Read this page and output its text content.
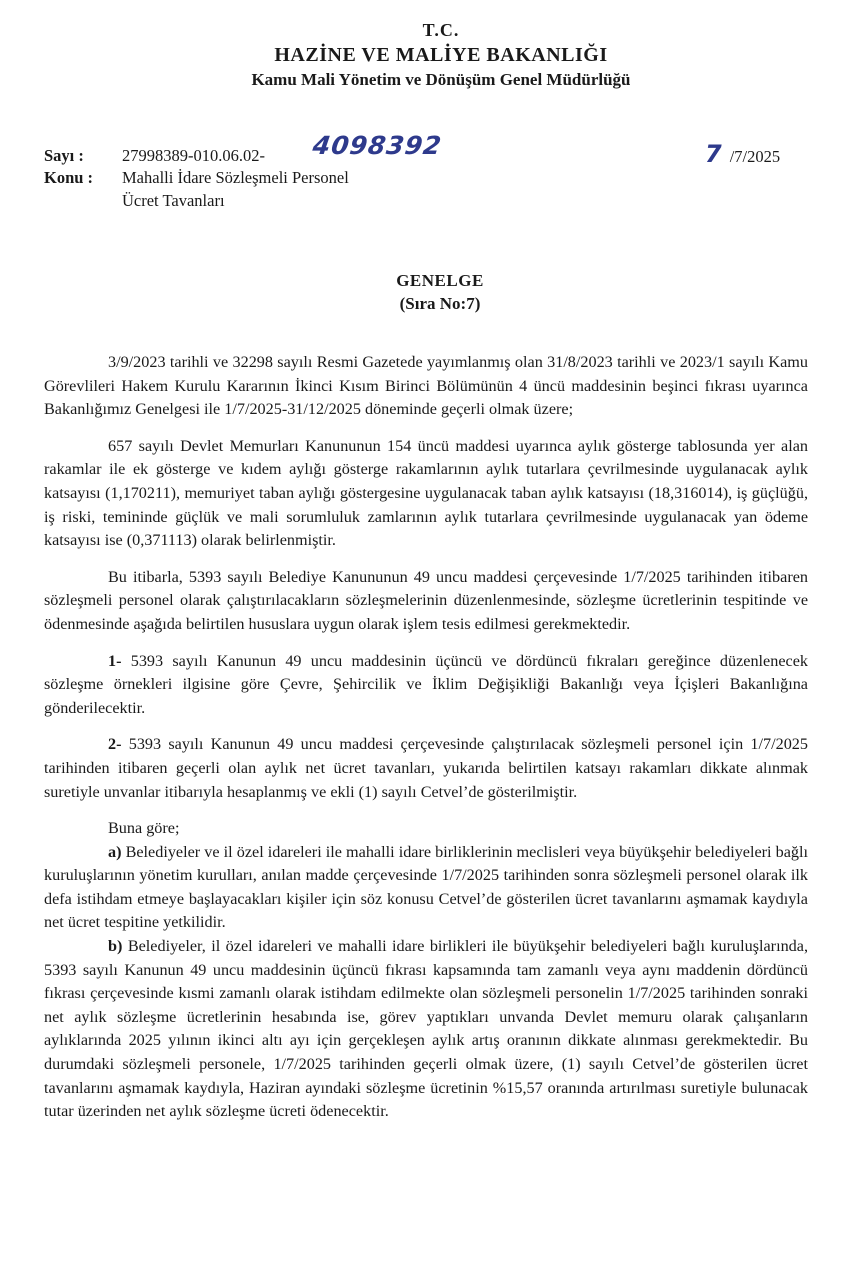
T.C.
HAZİNE VE MALİYE BAKANLIĞI
Kamu Mali Yönetim ve Dönüşüm Genel Müdürlüğü
Sayı : 27998389-010.06.02- 4098392	7 /7/2025
Konu : Mahalli İdare Sözleşmeli Personel
Ücret Tavanları
GENELGE
(Sıra No:7)

3/9/2023 tarihli ve 32298 sayılı Resmi Gazetede yayımlanmış olan 31/8/2023 tarihli ve 2023/1 sayılı Kamu Görevlileri Hakem Kurulu Kararının İkinci Kısım Birinci Bölümünün 4 üncü maddesinin beşinci fıkrası uyarınca Bakanlığımız Genelgesi ile 1/7/2025-31/12/2025 döneminde geçerli olmak üzere;

657 sayılı Devlet Memurları Kanununun 154 üncü maddesi uyarınca aylık gösterge tablosunda yer alan rakamlar ile ek gösterge ve kıdem aylığı gösterge rakamlarının aylık tutarlara çevrilmesinde uygulanacak aylık katsayısı (1,170211), memuriyet taban aylığı göstergesine uygulanacak taban aylık katsayısı (18,316014), iş güçlüğü, iş riski, temininde güçlük ve mali sorumluluk zamlarının aylık tutarlara çevrilmesinde uygulanacak yan ödeme katsayısı ise (0,371113) olarak belirlenmiştir.

Bu itibarla, 5393 sayılı Belediye Kanununun 49 uncu maddesi çerçevesinde 1/7/2025 tarihinden itibaren sözleşmeli personel olarak çalıştırılacakların sözleşmelerinin düzenlenmesinde, sözleşme ücretlerinin tespitinde ve ödenmesinde aşağıda belirtilen hususlara uygun olarak işlem tesis edilmesi gerekmektedir.

1- 5393 sayılı Kanunun 49 uncu maddesinin üçüncü ve dördüncü fıkraları gereğince düzenlenecek sözleşme örnekleri ilgisine göre Çevre, Şehircilik ve İklim Değişikliği Bakanlığı veya İçişleri Bakanlığına gönderilecektir.

2- 5393 sayılı Kanunun 49 uncu maddesi çerçevesinde çalıştırılacak sözleşmeli personel için 1/7/2025 tarihinden itibaren geçerli olan aylık net ücret tavanları, yukarıda belirtilen katsayı rakamları dikkate alınmak suretiyle unvanlar itibarıyla hesaplanmış ve ekli (1) sayılı Cetvel’de gösterilmiştir.

Buna göre;

a) Belediyeler ve il özel idareleri ile mahalli idare birliklerinin meclisleri veya büyükşehir belediyeleri bağlı kuruluşlarının yönetim kurulları, anılan madde çerçevesinde 1/7/2025 tarihinden sonra sözleşmeli personel olarak ilk defa istihdam etmeye başlayacakları kişiler için söz konusu Cetvel’de gösterilen ücret tavanlarını aşmamak kaydıyla net ücret tespitine yetkilidir.

b) Belediyeler, il özel idareleri ve mahalli idare birlikleri ile büyükşehir belediyeleri bağlı kuruluşlarında, 5393 sayılı Kanunun 49 uncu maddesinin üçüncü fıkrası kapsamında tam zamanlı veya aynı maddenin dördüncü fıkrası çerçevesinde kısmi zamanlı olarak istihdam edilmekte olan sözleşmeli personelin 1/7/2025 tarihinden sonraki net aylık sözleşme ücretlerinin hesabında ise, görev yaptıkları unvanda Devlet memuru olarak çalışanların aylıklarında 2025 yılının ikinci altı ayı için gerçekleşen aylık artış oranının dikkate alınması gerekmektedir. Bu durumdaki sözleşmeli personele, 1/7/2025 tarihinden geçerli olmak üzere, (1) sayılı Cetvel’de gösterilen ücret tavanlarını aşmamak kaydıyla, Haziran ayındaki sözleşme ücretinin %15,57 oranında artırılması suretiyle bulunacak tutar üzerinden net aylık sözleşme ücreti ödenecektir.
